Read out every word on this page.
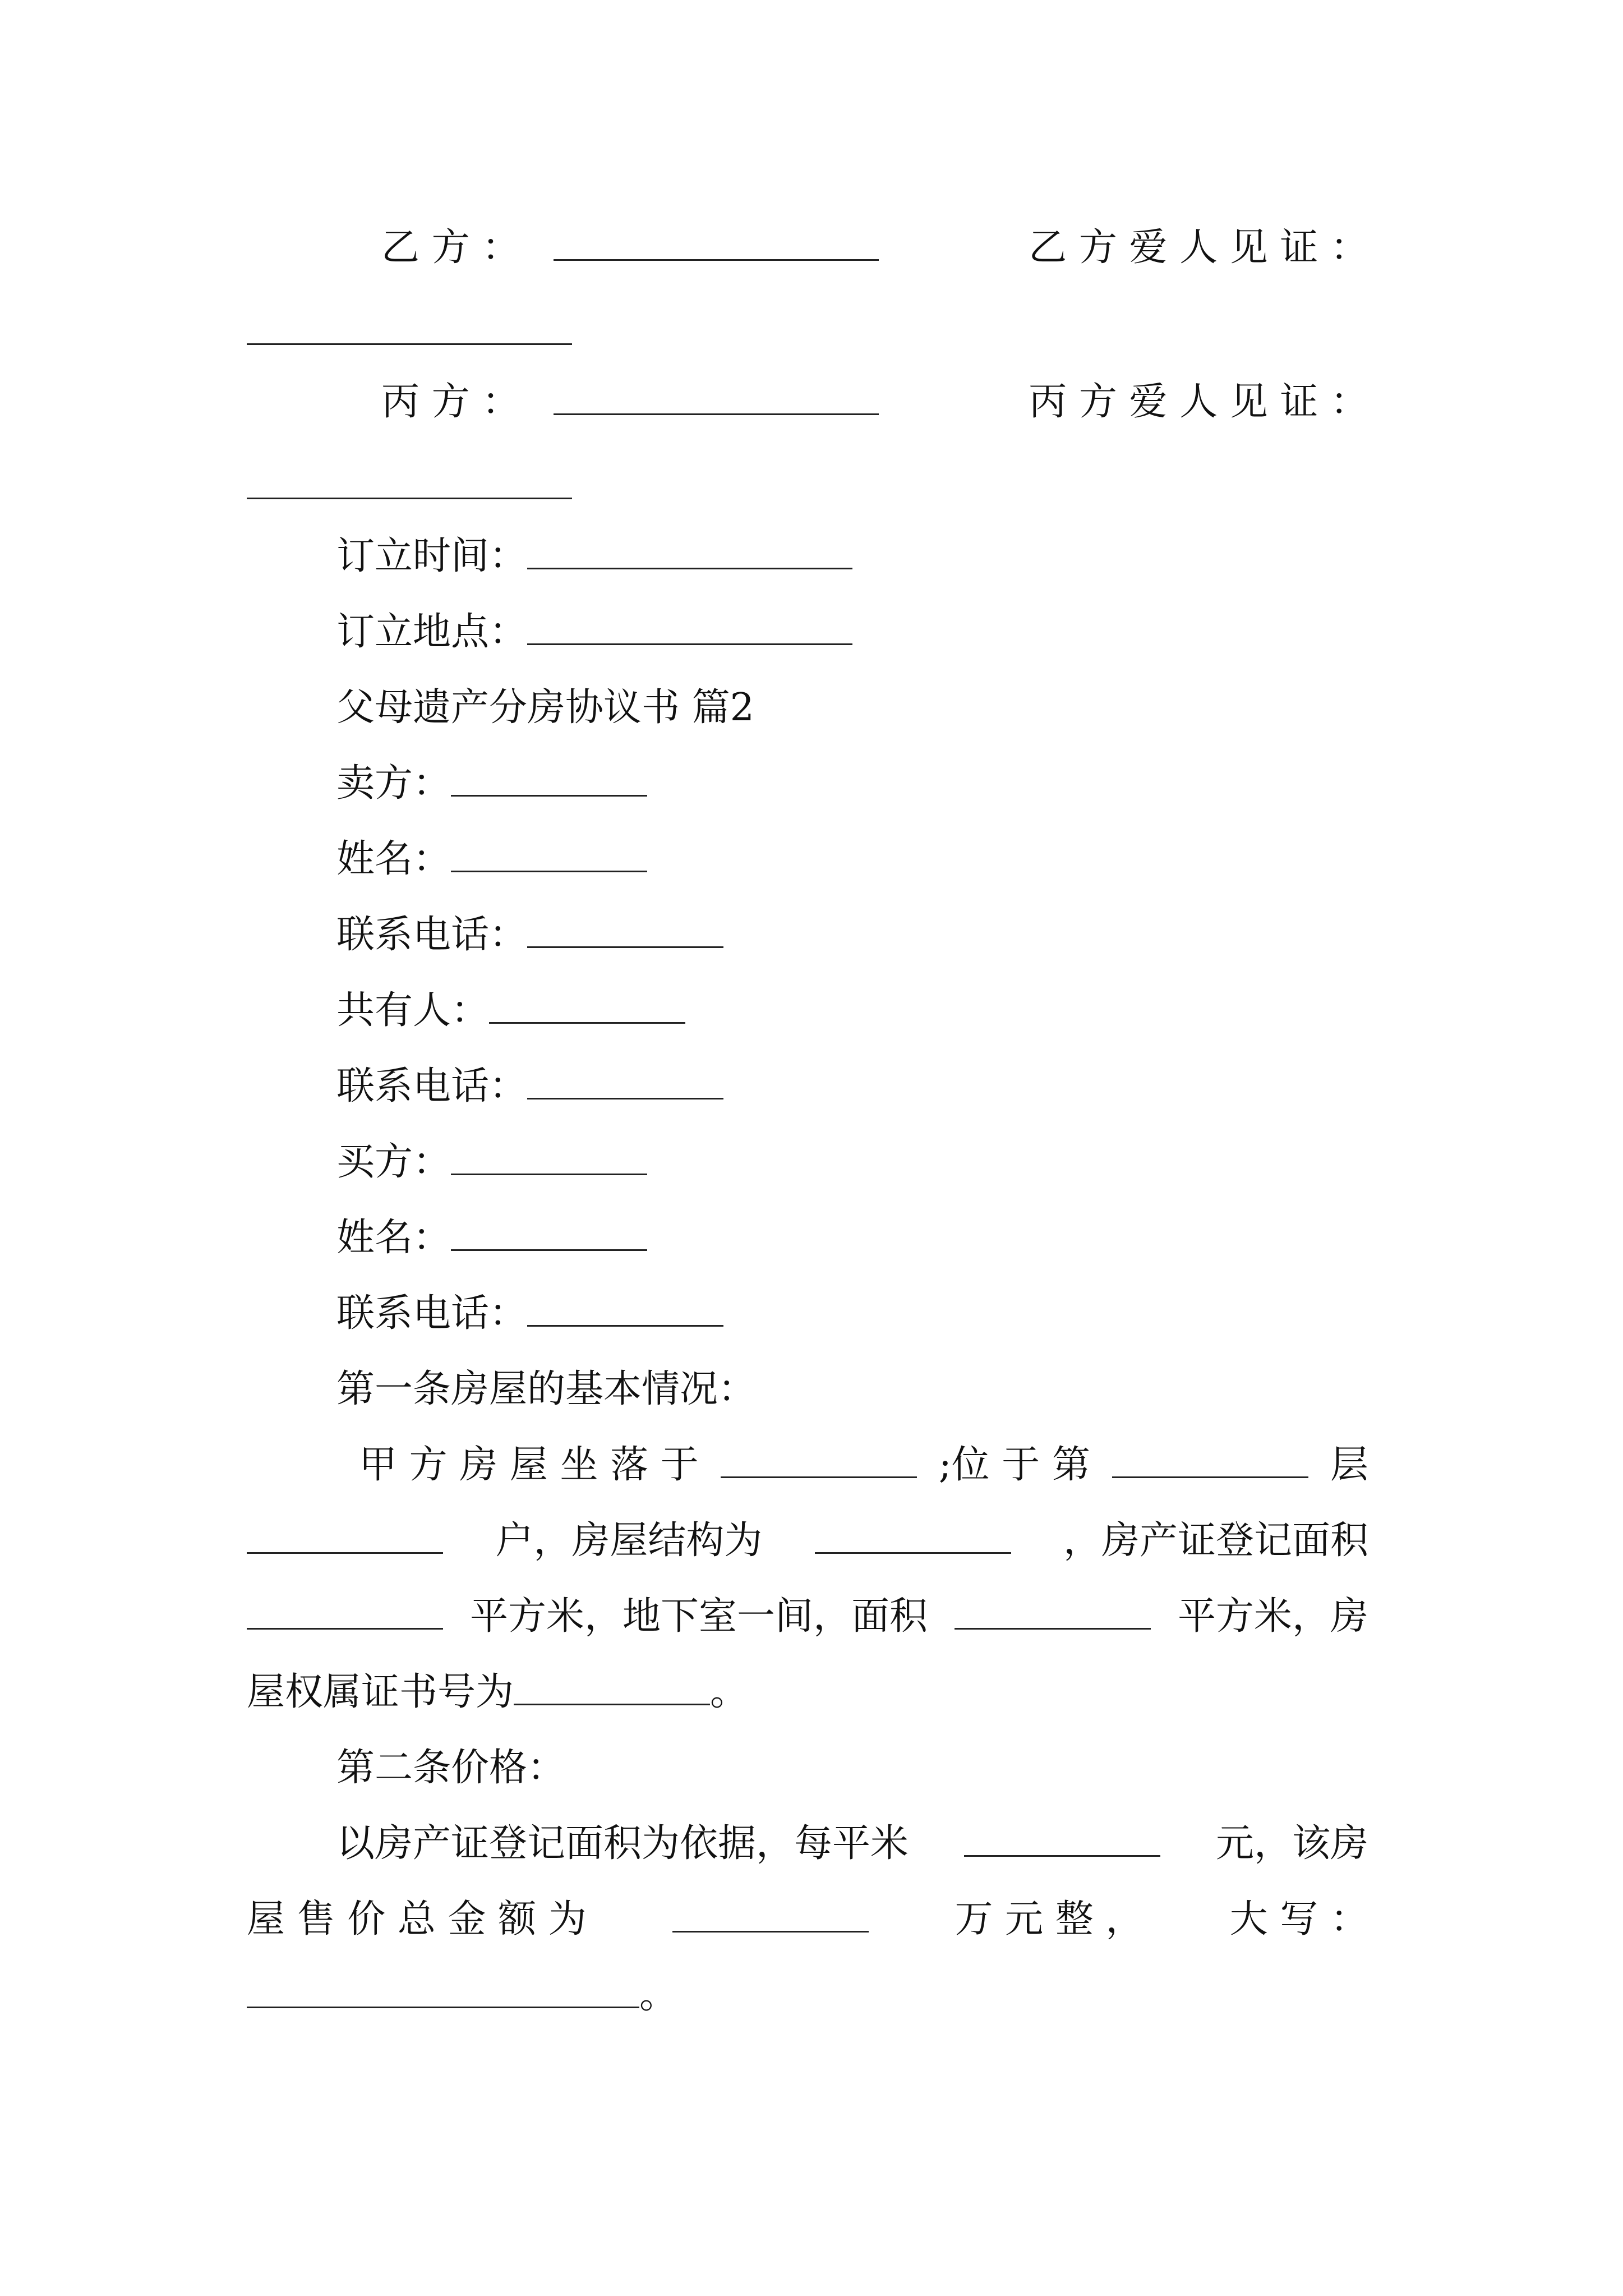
乙 方 ：	乙 方 爱 人 见 证 ：
丙 方 ：	丙 方 爱 人 见 证 ：
订立时间：
订立地点：
父母遗产分房协议书 篇2
卖方：
姓名：
联系电话：
共有人：
联系电话：
买方：
姓名：
联系电话：
第一条房屋的基本情况：
甲 方 房 屋 坐 落 于	;位 于 第	层
户，房屋结构为	，房产证登记面积
平方米，地下室一间，面积	平方米，房
屋权属证书号为	。
第二条价格：
以房产证登记面积为依据，每平米	元，该房
屋 售 价 总 金 额 为	万 元 整 ， 大 写 ：
。
